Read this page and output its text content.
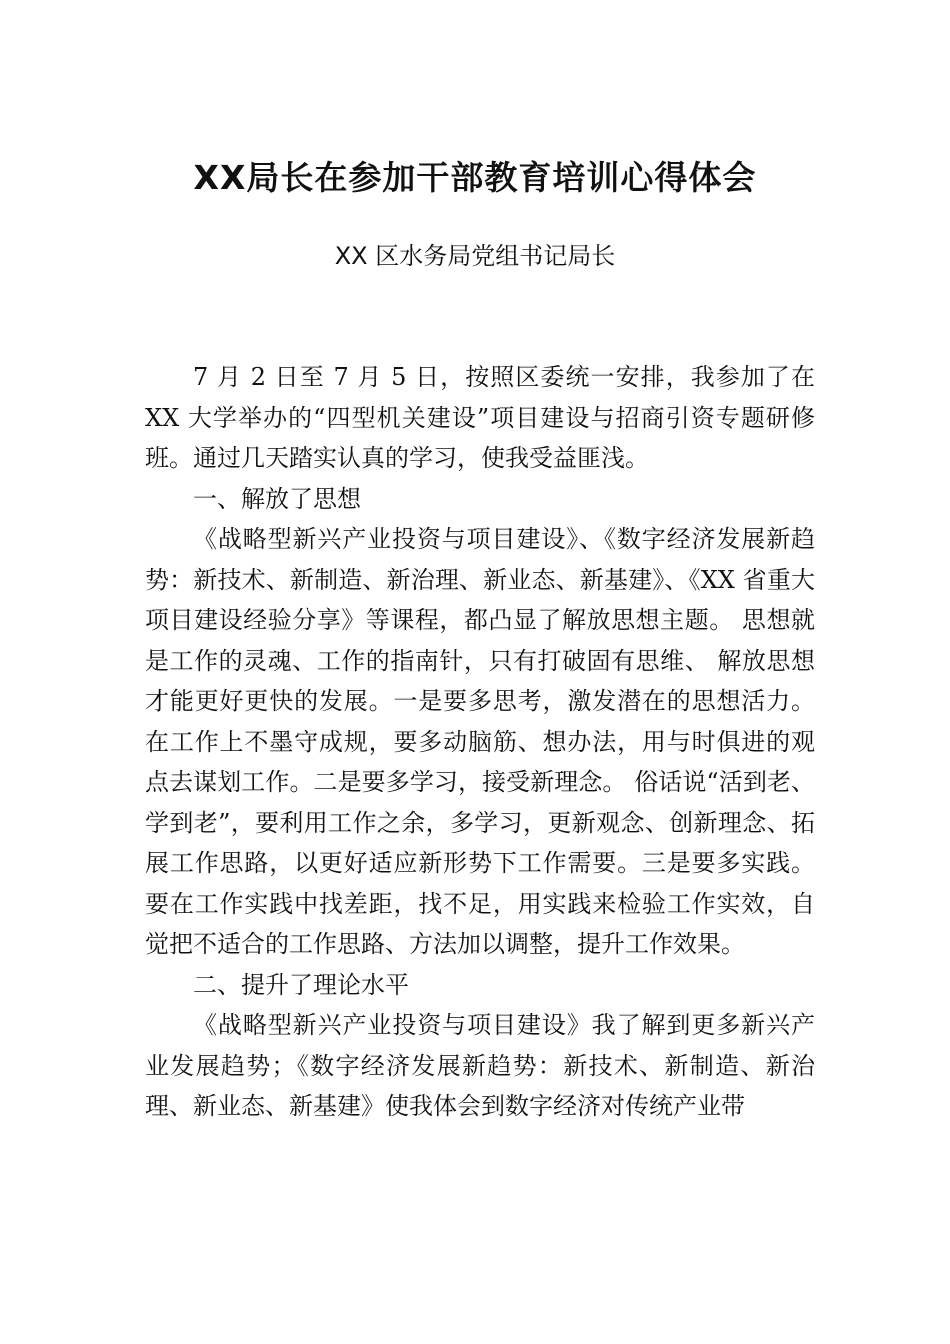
XX局长在参加干部教育培训心得体会
XX 区水务局党组书记局长

7 月 2 日至 7 月 5 日，按照区委统一安排，我参加了在 XX 大学举办的“四型机关建设”项目建设与招商引资专题研修班。通过几天踏实认真的学习，使我受益匪浅。

一、解放了思想

《战略型新兴产业投资与项目建设》、《数字经济发展新趋势：新技术、新制造、新治理、新业态、新基建》、《XX 省重大项目建设经验分享》等课程，都凸显了解放思想主题。 思想就是工作的灵魂、工作的指南针，只有打破固有思维、 解放思想才能更好更快的发展。一是要多思考，激发潜在的思想活力。在工作上不墨守成规，要多动脑筋、想办法，用与时俱进的观点去谋划工作。二是要多学习，接受新理念。 俗话说“活到老、学到老”，要利用工作之余，多学习，更新观念、创新理念、拓展工作思路，以更好适应新形势下工作需要。三是要多实践。要在工作实践中找差距，找不足，用实践来检验工作实效，自觉把不适合的工作思路、方法加以调整，提升工作效果。

二、提升了理论水平

《战略型新兴产业投资与项目建设》我了解到更多新兴产业发展趋势；《数字经济发展新趋势：新技术、新制造、新治理、新业态、新基建》使我体会到数字经济对传统产业带
